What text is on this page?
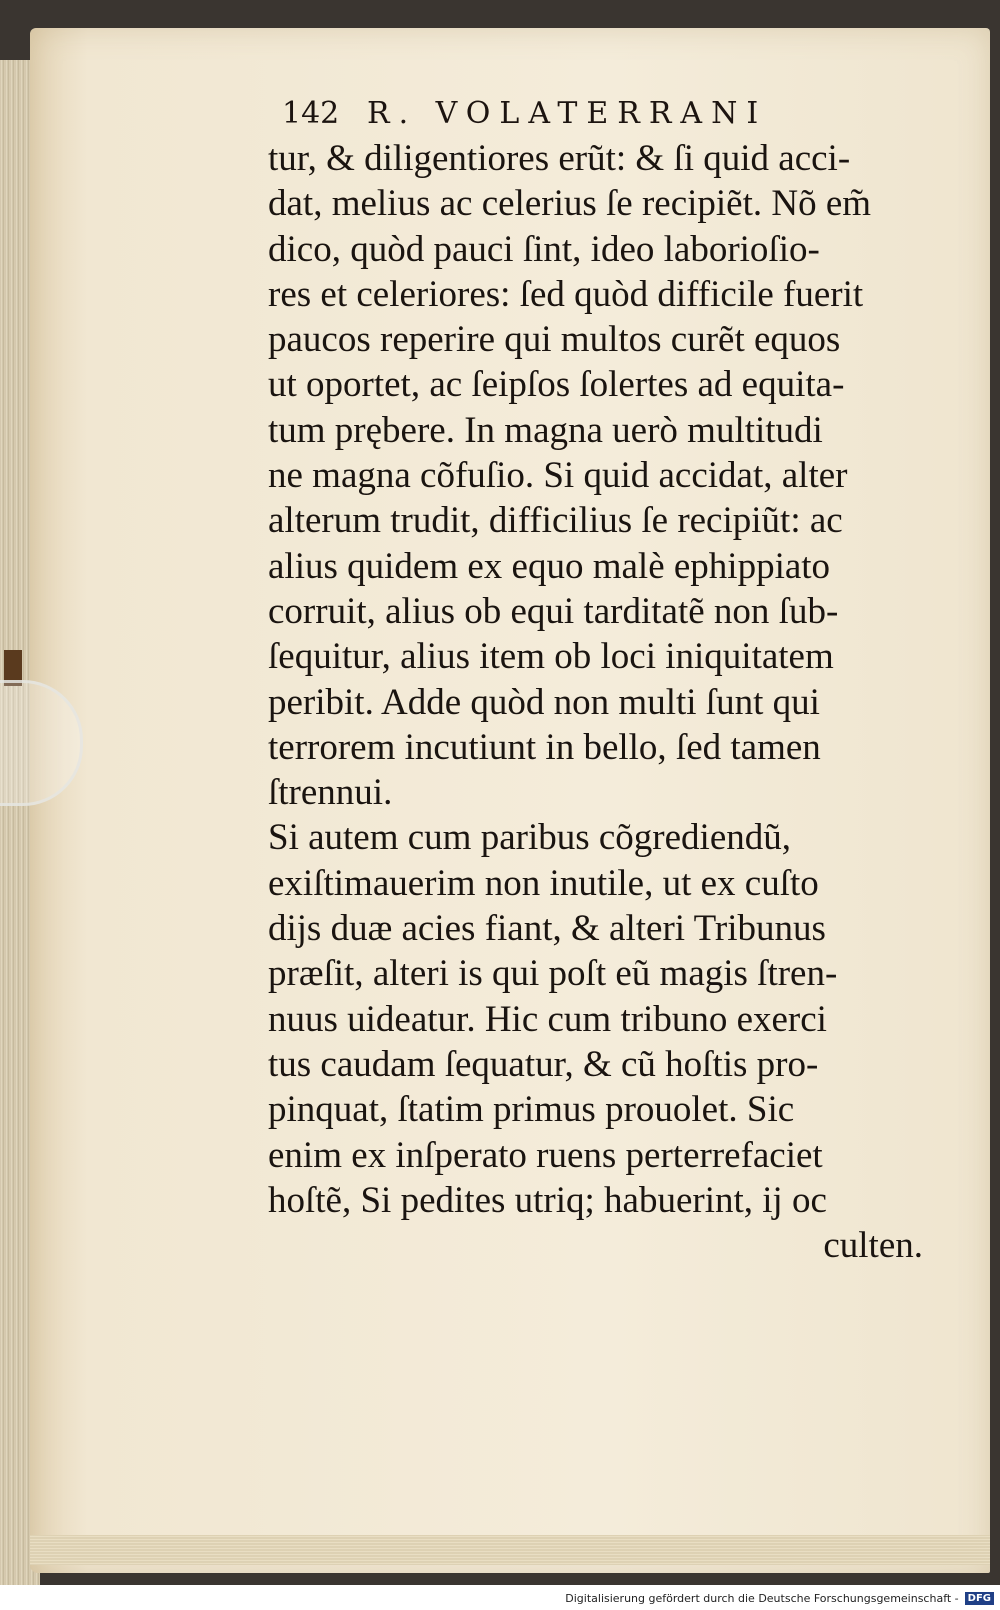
142 R. VOLATERRANI
tur, & diligentiores erũt: & ſi quid acci-
dat, melius ac celerius ſe recipiẽt. Nõ em̃
dico, quòd pauci ſint, ideo laborioſio-
res et celeriores: ſed quòd difficile fuerit
paucos reperire qui multos curẽt equos
ut oportet, ac ſeipſos ſolertes ad equita-
tum prębere. In magna uerò multitudi
ne magna cõfuſio. Si quid accidat, alter
alterum trudit, difficilius ſe recipiũt: ac
alius quidem ex equo malè ephippiato
corruit, alius ob equi tarditatẽ non ſub-
ſequitur, alius item ob loci iniquitatem
peribit. Adde quòd non multi ſunt qui
terrorem incutiunt in bello, ſed tamen
ſtrennui.
Si autem cum paribus cõgrediendũ,
exiſtimauerim non inutile, ut ex cuſto
dĳs duæ acies fiant, & alteri Tribunus
præſit, alteri is qui poſt eũ magis ſtren-
nuus uideatur. Hic cum tribuno exerci
tus caudam ſequatur, & cũ hoſtis pro-
pinquat, ſtatim primus prouolet. Sic
enim ex inſperato ruens perterrefaciet
hoſtẽ, Si pedites utriq; habuerint, ĳ oc
culten.
Digitalisierung gefördert durch die Deutsche Forschungsgemeinschaft - DFG
